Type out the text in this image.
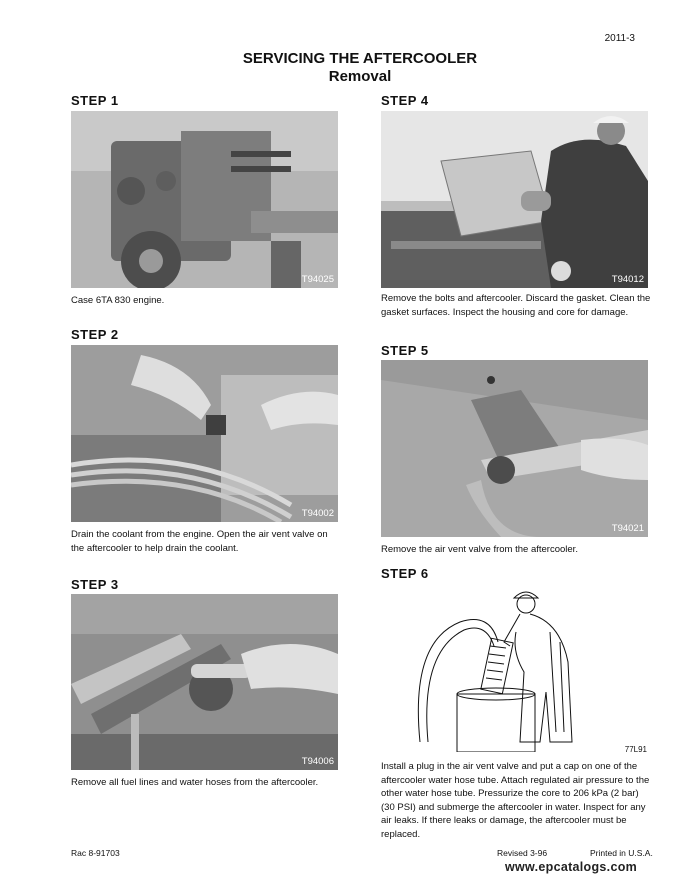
2011-3
SERVICING THE AFTERCOOLER
Removal
STEP 1
T94025
Case 6TA 830 engine.
STEP 2
T94002
Drain the coolant from the engine. Open the air vent valve on the aftercooler to help drain the coolant.
STEP 3
T94006
Remove all fuel lines and water hoses from the aftercooler.
STEP 4
T94012
Remove the bolts and aftercooler. Discard the gasket. Clean the gasket surfaces. Inspect the housing and core for damage.
STEP 5
T94021
Remove the air vent valve from the aftercooler.
STEP 6
77L91
Install a plug in the air vent valve and put a cap on one of the aftercooler water hose tube. Attach regulated air pressure to the other water hose tube. Pressurize the core to 206 kPa (2 bar) (30 PSI) and submerge the aftercooler in water. Inspect for any air leaks. If there leaks or damage, the aftercooler must be replaced.
Rac 8-91703	Revised 3-96	Printed in U.S.A.
www.epcatalogs.com
